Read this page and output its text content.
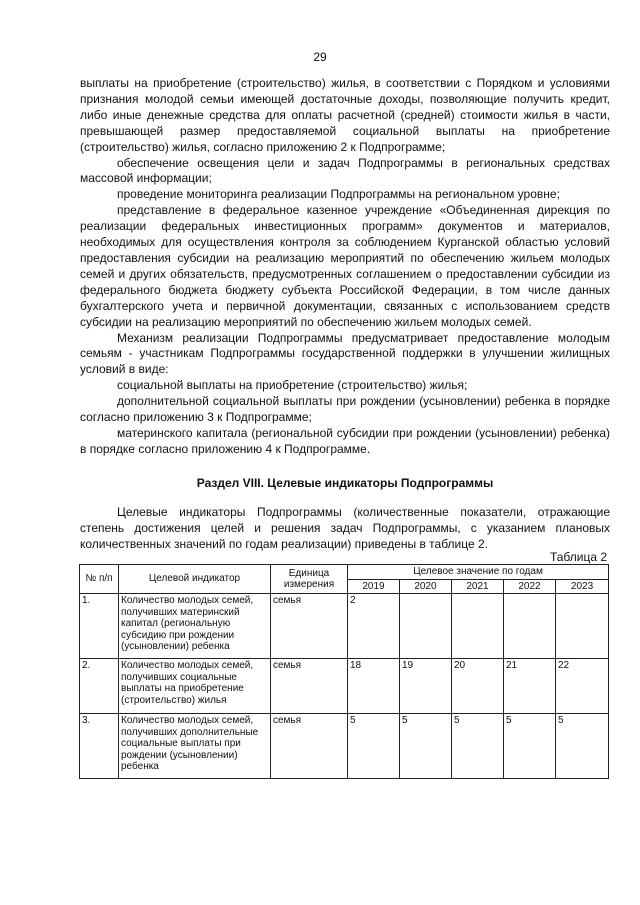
29

выплаты на приобретение (строительство) жилья, в соответствии с Порядком и условиями признания молодой семьи имеющей достаточные доходы, позволяющие получить кредит, либо иные денежные средства для оплаты расчетной (средней) стоимости жилья в части, превышающей размер предоставляемой социальной выплаты на приобретение (строительство) жилья, согласно приложению 2 к Подпрограмме;

обеспечение освещения цели и задач Подпрограммы в региональных средствах массовой информации;

проведение мониторинга реализации Подпрограммы на региональном уровне;

представление в федеральное казенное учреждение «Объединенная дирекция по реализации федеральных инвестиционных программ» документов и материалов, необходимых для осуществления контроля за соблюдением Курганской областью условий предоставления субсидии на реализацию мероприятий по обеспечению жильем молодых семей и других обязательств, предусмотренных соглашением о предоставлении субсидии из федерального бюджета бюджету субъекта Российской Федерации, в том числе данных бухгалтерского учета и первичной документации, связанных с использованием средств субсидии на реализацию мероприятий по обеспечению жильем молодых семей.

Механизм реализации Подпрограммы предусматривает предоставление молодым семьям - участникам Подпрограммы государственной поддержки в улучшении жилищных условий в виде:

социальной выплаты на приобретение (строительство) жилья;

дополнительной социальной выплаты при рождении (усыновлении) ребенка в порядке согласно приложению 3 к Подпрограмме;

материнского капитала (региональной субсидии при рождении (усыновлении) ребенка) в порядке согласно приложению 4 к Подпрограмме.

Раздел VIII. Целевые индикаторы Подпрограммы
Целевые индикаторы Подпрограммы (количественные показатели, отражающие степень достижения целей и решения задач Подпрограммы, с указанием плановых количественных значений по годам реализации) приведены в таблице 2.
Таблица 2
№ п/п	Целевой индикатор	Единица измерения	Целевое значение по годам				
			2019	2020	2021	2022	2023
1.	Количество молодых семей, получивших материнский капитал (региональную субсидию при рождении (усыновлении) ребенка	семья	2				
2.	Количество молодых семей, получивших социальные выплаты на приобретение (строительство) жилья	семья	18	19	20	21	22
3.	Количество молодых семей, получивших дополнительные социальные выплаты при рождении (усыновлении) ребенка	семья	5	5	5	5	5
